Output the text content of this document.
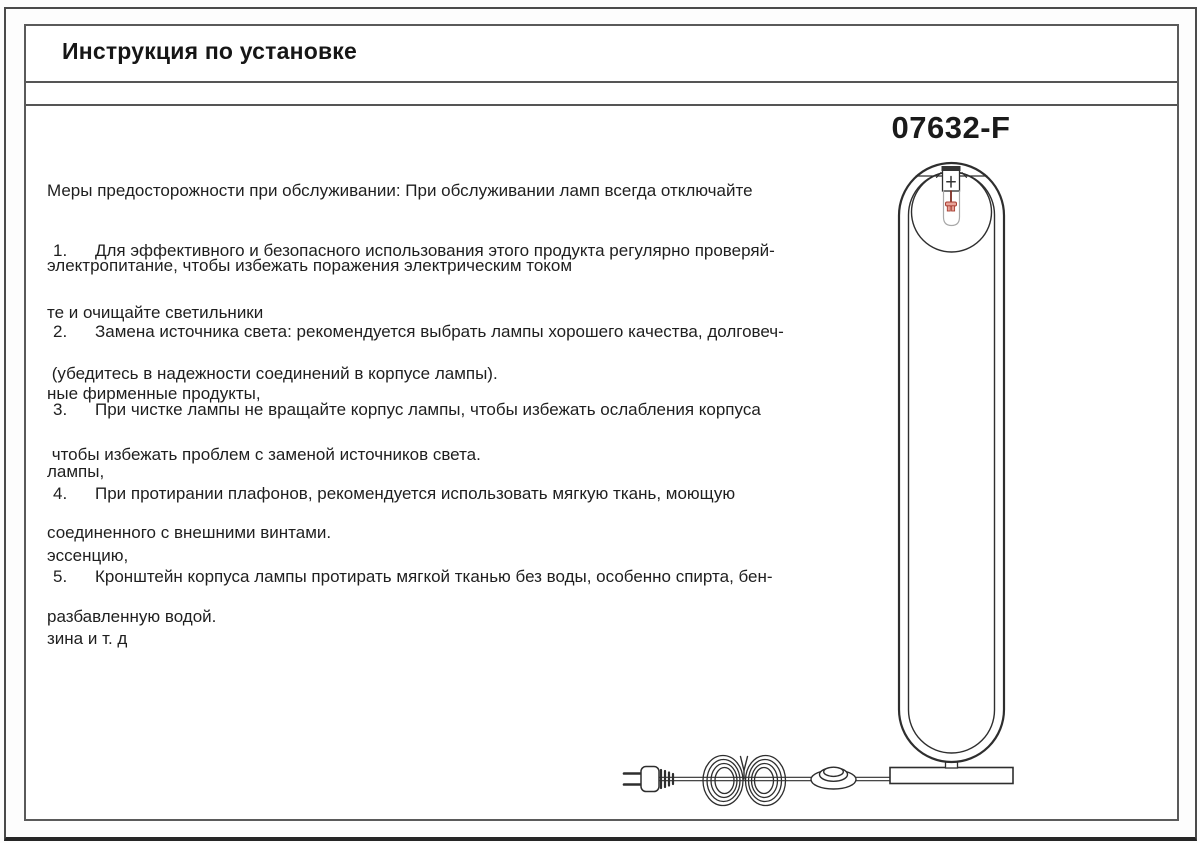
Инструкция по установке

Меры предосторожности при обслуживании: При обслуживании ламп всегда отключайте

электропитание, чтобы избежать поражения электрическим током

1. Для эффективного и безопасного использования этого продукта регулярно проверяй-

те и очищайте светильники

(убедитесь в надежности соединений в корпусе лампы).

2. Замена источника света: рекомендуется выбрать лампы хорошего качества, долговеч-

ные фирменные продукты,

чтобы избежать проблем с заменой источников света.

3. При чистке лампы не вращайте корпус лампы, чтобы избежать ослабления корпуса

лампы,

соединенного с внешними винтами.

4. При протирании плафонов, рекомендуется использовать мягкую ткань, моющую

эссенцию,

разбавленную водой.

5. Кронштейн корпуса лампы протирать мягкой тканью без воды, особенно спирта, бен-

зина и т. д

07632-F
